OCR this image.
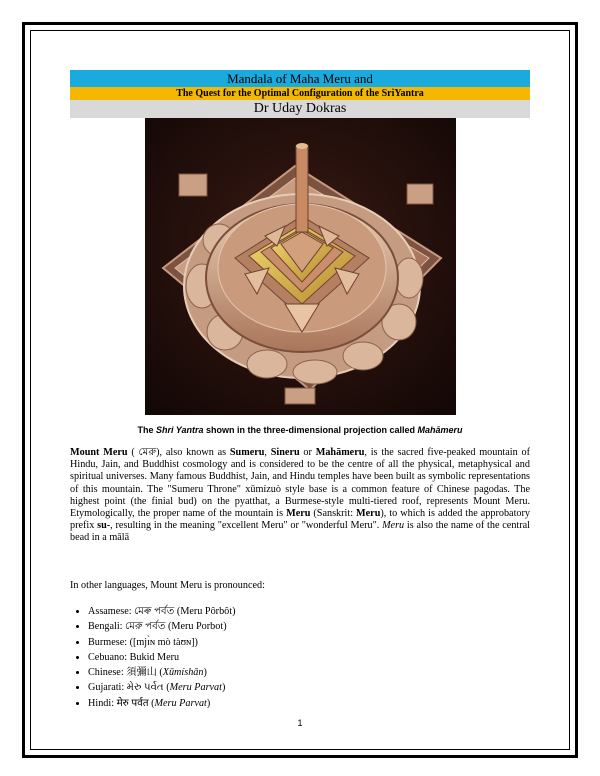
Mandala of Maha Meru and
The Quest for the Optimal Configuration of the SriYantra
Dr Uday Dokras
The Shri Yantra shown in the three-dimensional projection called Mahāmeru
Mount Meru ( মেরু), also known as Sumeru, Sineru or Mahāmeru, is the sacred five-peaked mountain of Hindu, Jain, and Buddhist cosmology and is considered to be the centre of all the physical, metaphysical and spiritual universes. Many famous Buddhist, Jain, and Hindu temples have been built as symbolic representations of this mountain. The "Sumeru Throne" xūmízuò style base is a common feature of Chinese pagodas. The highest point (the finial bud) on the pyatthat, a Burmese-style multi-tiered roof, represents Mount Meru. Etymologically, the proper name of the mountain is Meru (Sanskrit: Meru), to which is added the approbatory prefix su-, resulting in the meaning "excellent Meru" or "wonderful Meru". Meru is also the name of the central bead in a mālā
In other languages, Mount Meru is pronounced:
• Assamese: মেৰু পৰ্বত (Meru Pôrbôt)
• Bengali: মেরু পর্বত (Meru Porbot)
• Burmese: ([mjɪ̀ɴ mò tàʊɴ])
• Cebuano: Bukid Meru
• Chinese: 須彌山 (Xūmíshān)
• Gujarati: મેરુ પર્વત (Meru Parvat)
• Hindi: मेरु पर्वत (Meru Parvat)
1
